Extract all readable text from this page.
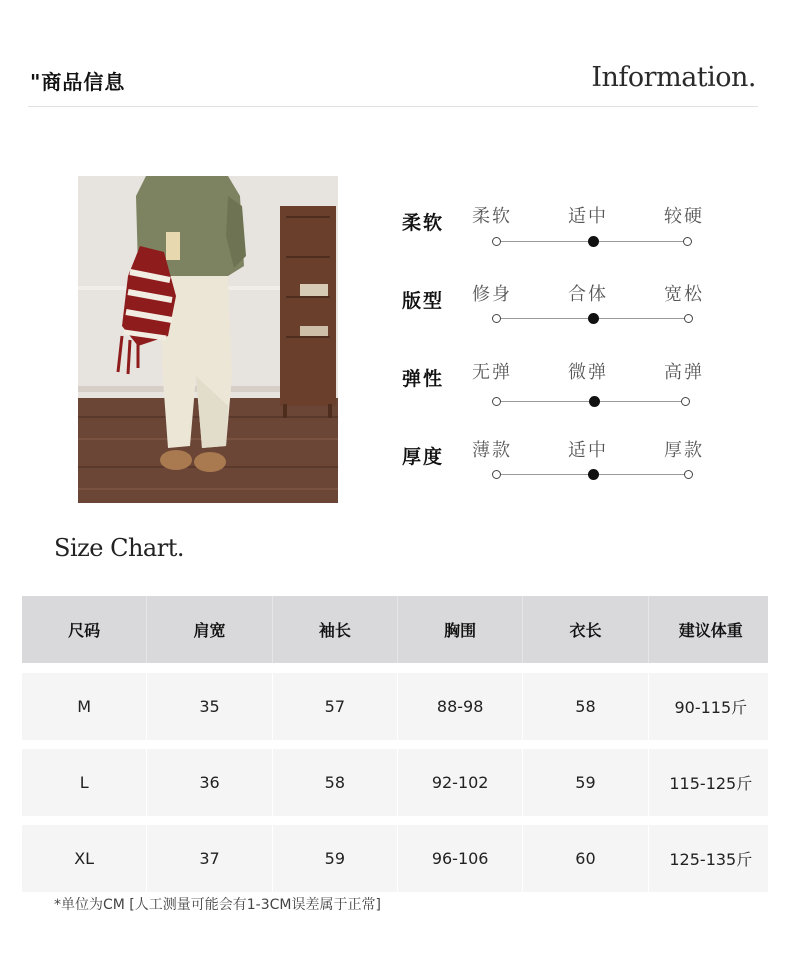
"商品信息	Information.
柔软	柔软	适中	较硬
版型	修身	合体	宽松
弹性	无弹	微弹	高弹
厚度	薄款	适中	厚款
Size Chart.
尺码	肩宽	袖长	胸围	衣长	建议体重
M	35	57	88-98	58	90-115斤
L	36	58	92-102	59	115-125斤
XL	37	59	96-106	60	125-135斤
*单位为CM [人工测量可能会有1-3CM误差属于正常]
